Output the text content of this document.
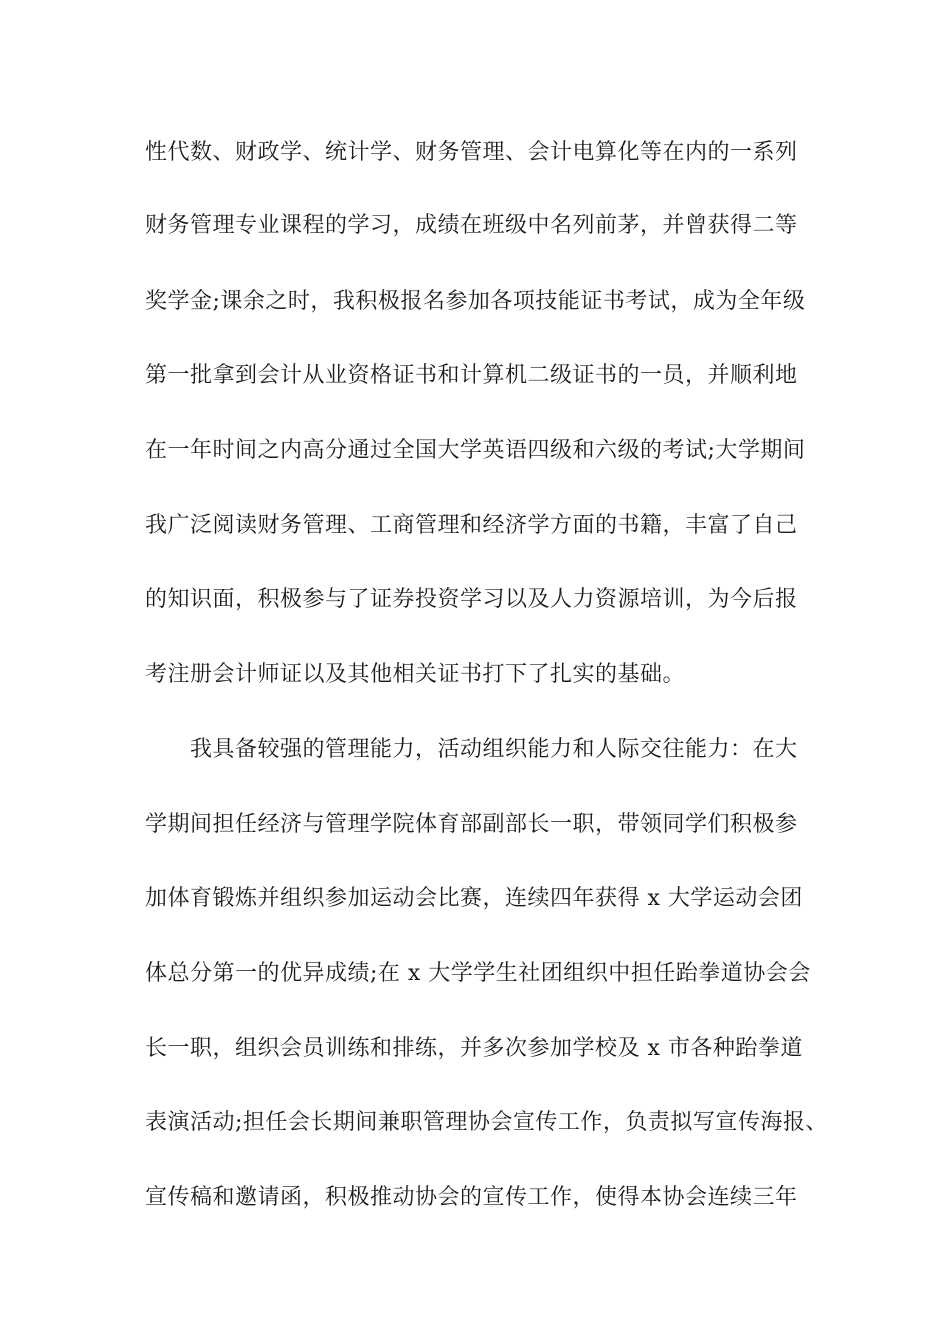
性代数、财政学、统计学、财务管理、会计电算化等在内的一系列
财务管理专业课程的学习，成绩在班级中名列前茅，并曾获得二等
奖学金;课余之时，我积极报名参加各项技能证书考试，成为全年级
第一批拿到会计从业资格证书和计算机二级证书的一员，并顺利地
在一年时间之内高分通过全国大学英语四级和六级的考试;大学期间
我广泛阅读财务管理、工商管理和经济学方面的书籍，丰富了自己
的知识面，积极参与了证券投资学习以及人力资源培训，为今后报
考注册会计师证以及其他相关证书打下了扎实的基础。
我具备较强的管理能力，活动组织能力和人际交往能力：在大
学期间担任经济与管理学院体育部副部长一职，带领同学们积极参
加体育锻炼并组织参加运动会比赛，连续四年获得 x 大学运动会团
体总分第一的优异成绩;在 x 大学学生社团组织中担任跆拳道协会会
长一职，组织会员训练和排练，并多次参加学校及 x 市各种跆拳道
表演活动;担任会长期间兼职管理协会宣传工作，负责拟写宣传海报、
宣传稿和邀请函，积极推动协会的宣传工作，使得本协会连续三年
